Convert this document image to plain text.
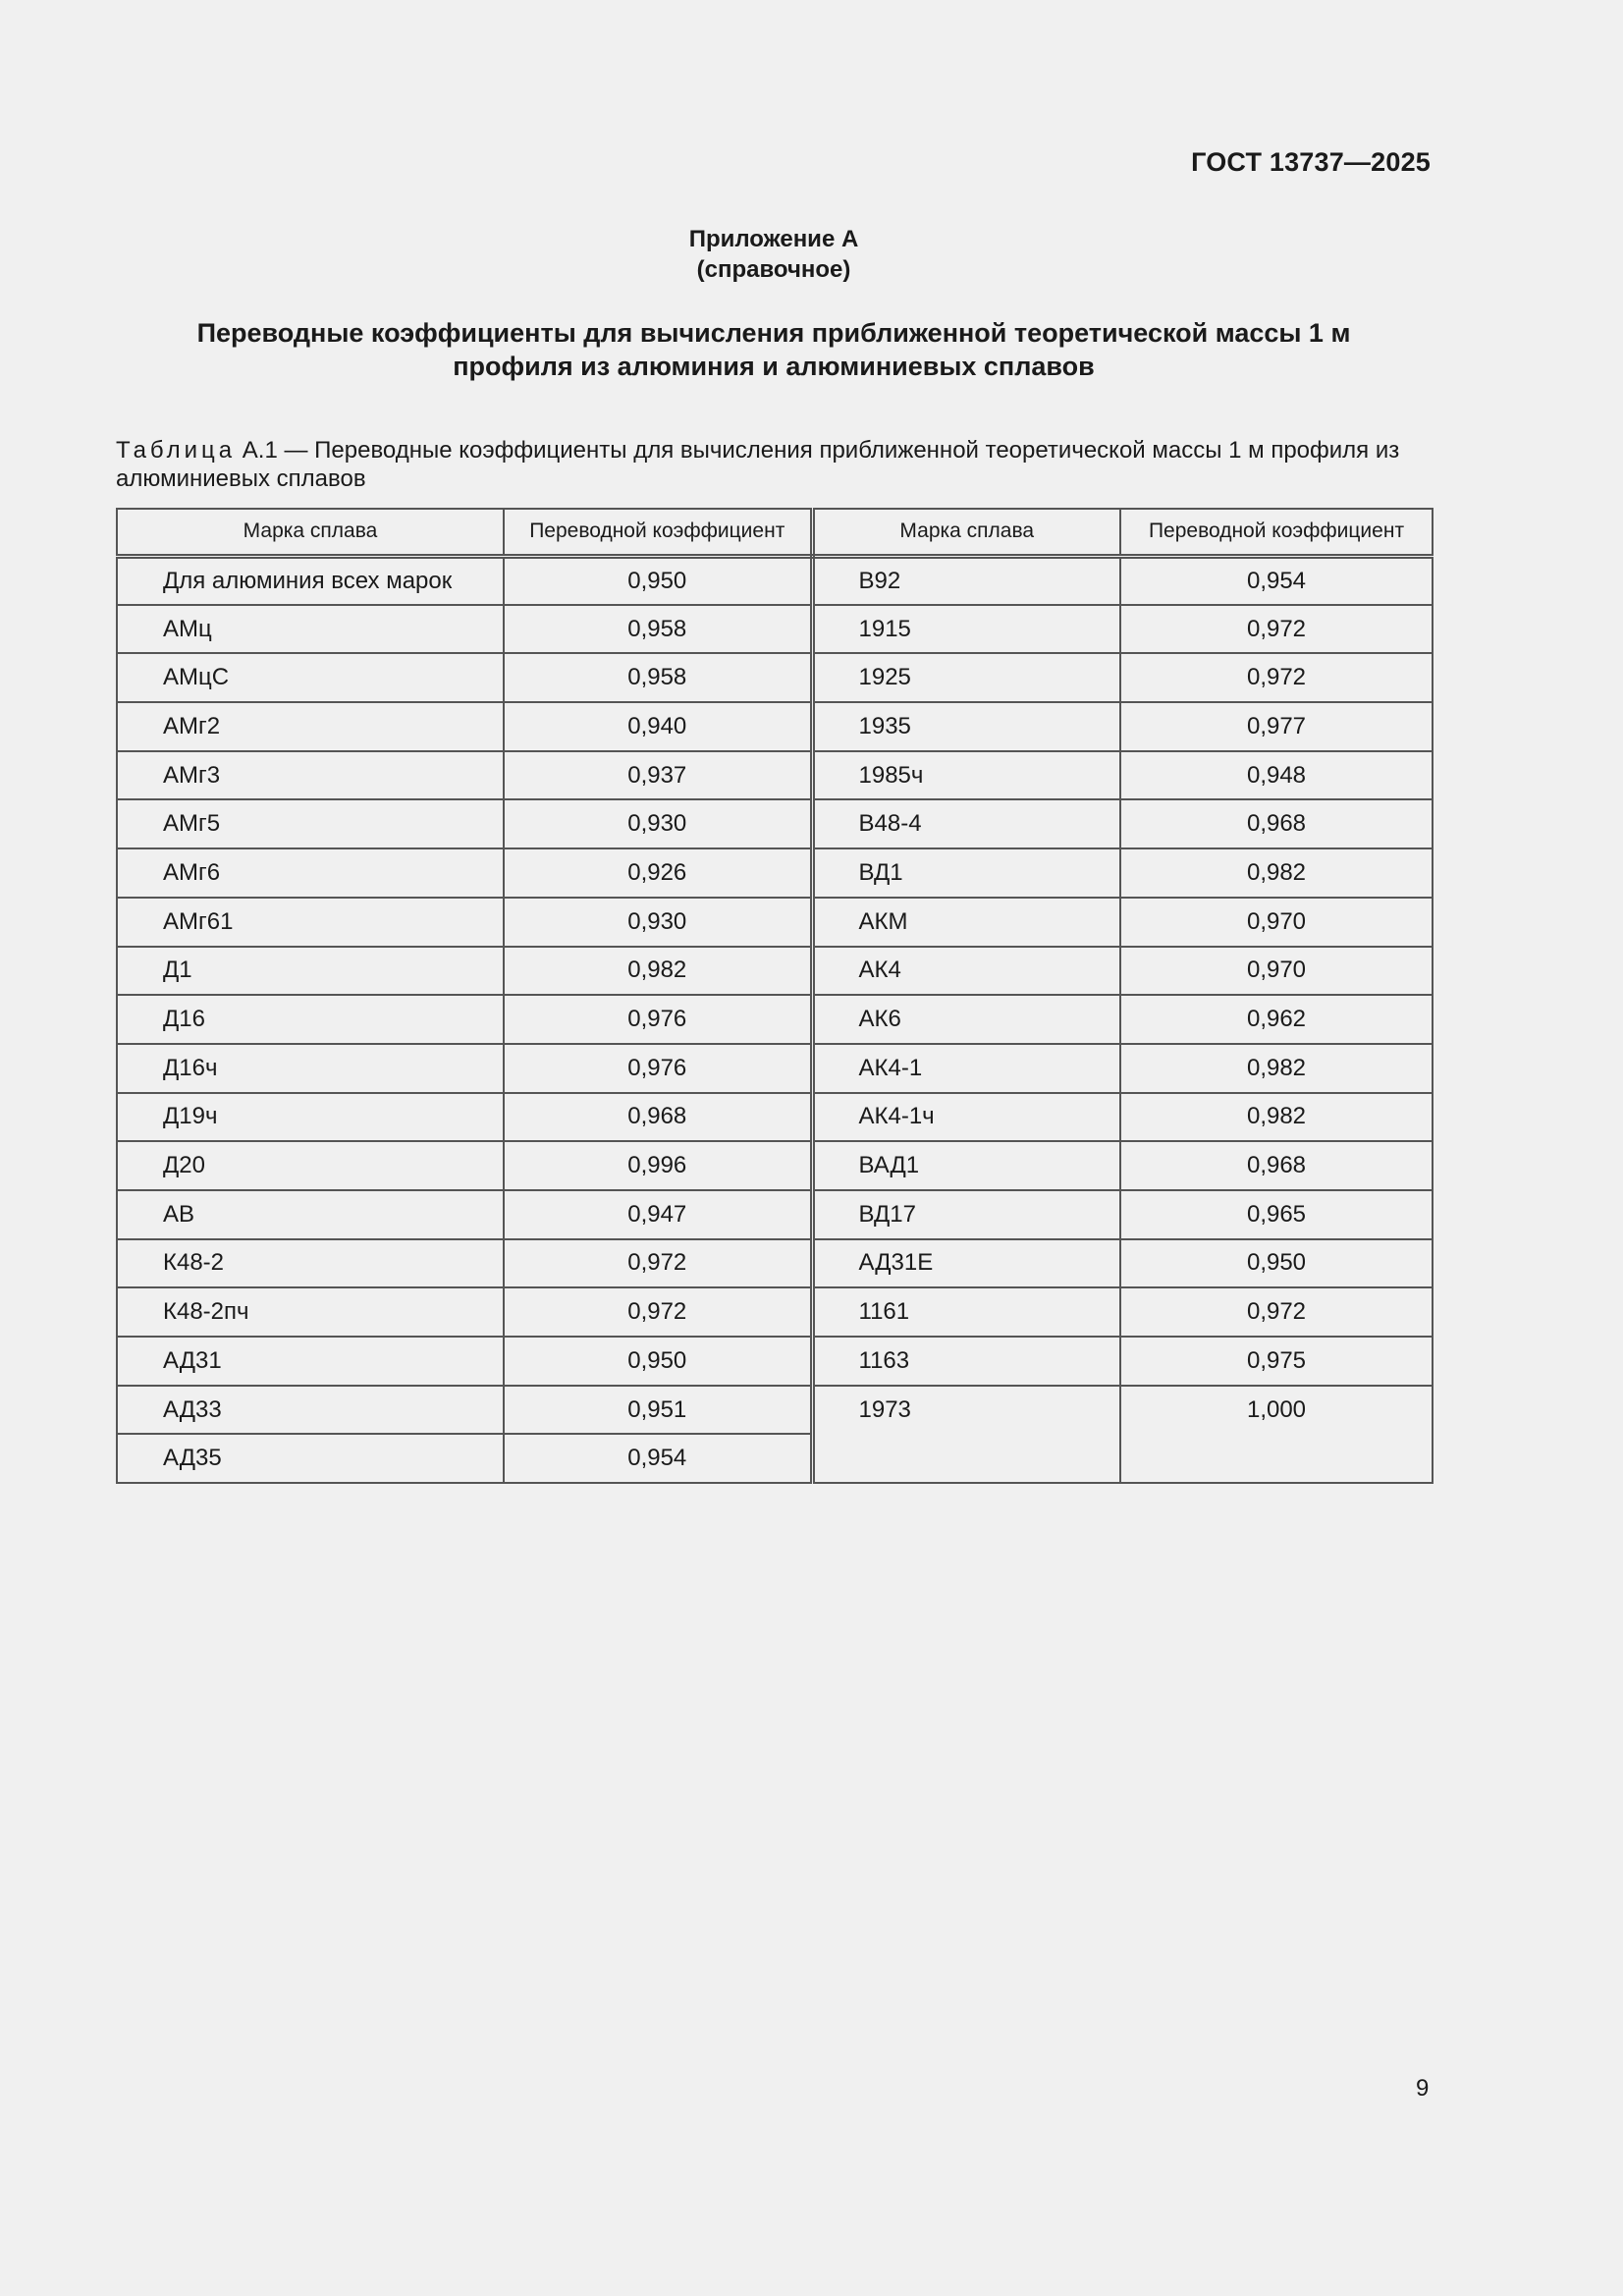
ГОСТ 13737—2025
Приложение А
(справочное)
Переводные коэффициенты для вычисления приближенной теоретической массы 1 м
профиля из алюминия и алюминиевых сплавов
Таблица А.1 — Переводные коэффициенты для вычисления приближенной теоретической массы 1 м профиля из алюминиевых сплавов
Марка сплава	Переводной коэффициент	Марка сплава	Переводной коэффициент
Для алюминия всех марок	0,950	В92	0,954
АМц	0,958	1915	0,972
АМцС	0,958	1925	0,972
АМг2	0,940	1935	0,977
АМг3	0,937	1985ч	0,948
АМг5	0,930	В48-4	0,968
АМг6	0,926	ВД1	0,982
АМг61	0,930	АКМ	0,970
Д1	0,982	АК4	0,970
Д16	0,976	АК6	0,962
Д16ч	0,976	АК4-1	0,982
Д19ч	0,968	АК4-1ч	0,982
Д20	0,996	ВАД1	0,968
АВ	0,947	ВД17	0,965
К48-2	0,972	АД31Е	0,950
К48-2пч	0,972	1161	0,972
АД31	0,950	1163	0,975
АД33	0,951	1973	1,000
АД35	0,954		
9
